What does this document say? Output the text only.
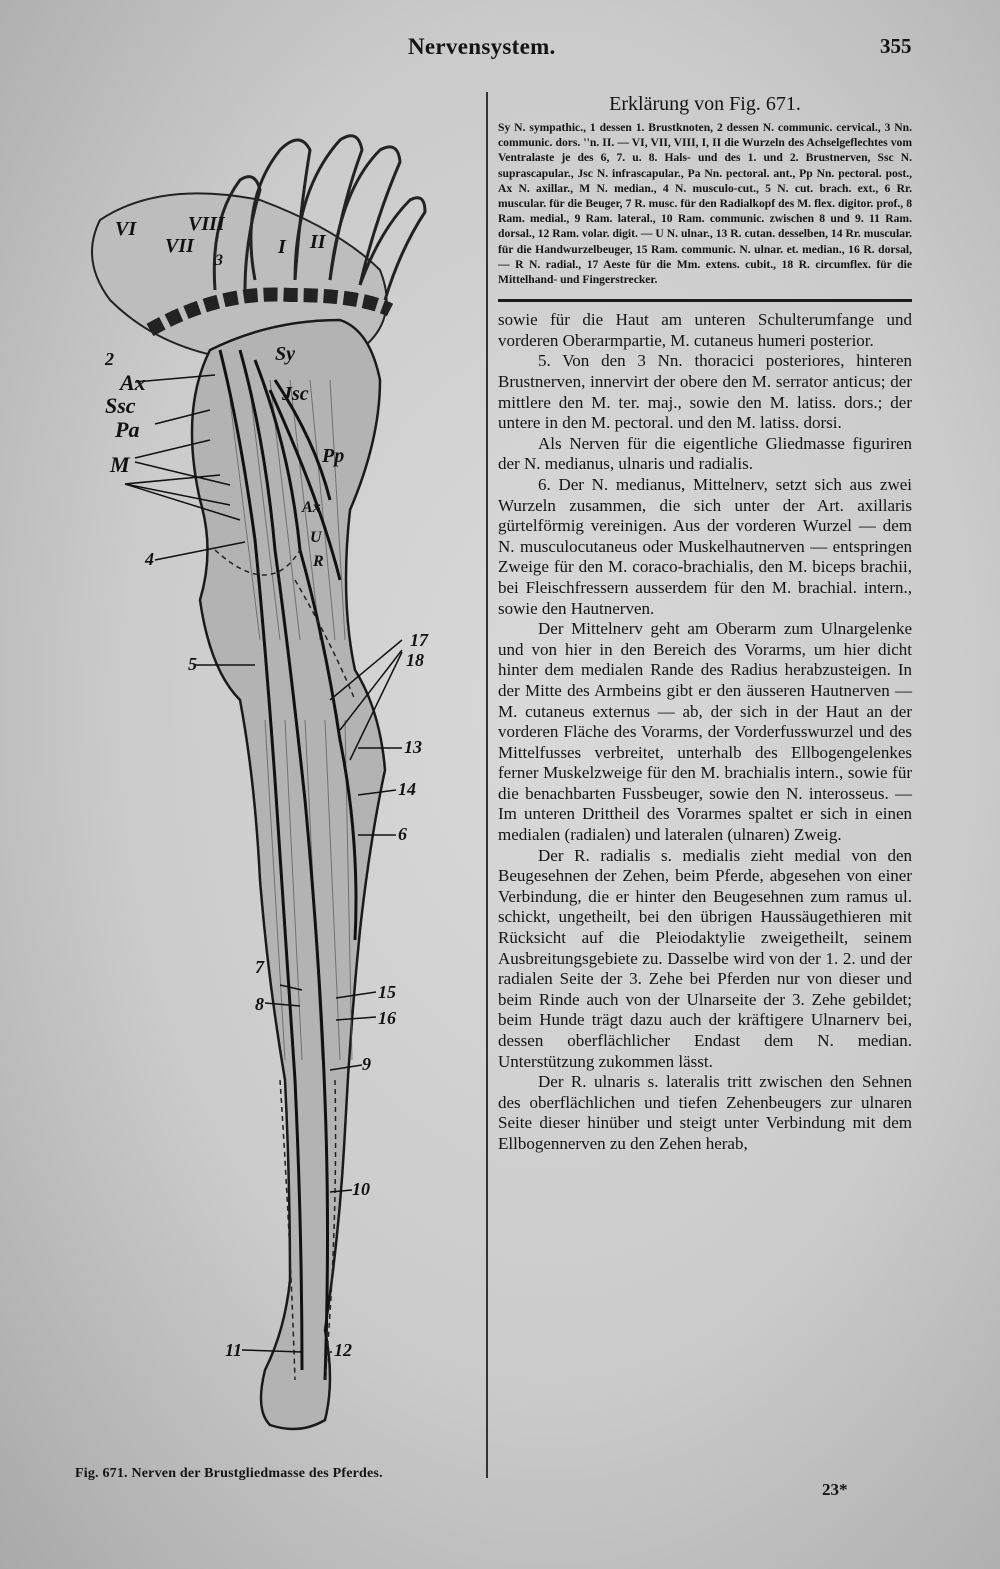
Nervensystem.	355
VI	VIII
VII
3
I II
2	Sy
Ax
Ssc	Jsc
Pa
M	Pp
Ax
U
R
4
17
5	18
13
14
6
7
15
8
16
9
10
11	12
Fig. 671. Nerven der Brustgliedmasse des Pferdes.
Erklärung von Fig. 671.

Sy N. sympathic., 1 dessen 1. Brustknoten, 2 dessen N. communic. cervical., 3 Nn. communic. dors. ''n. II. — VI, VII, VIII, I, II die Wurzeln des Achselgeflechtes vom Ventralaste je des 6, 7. u. 8. Hals- und des 1. und 2. Brustnerven, Ssc N. suprascapular., Jsc N. infrascapular., Pa Nn. pectoral. ant., Pp Nn. pectoral. post., Ax N. axillar., M N. median., 4 N. musculo-cut., 5 N. cut. brach. ext., 6 Rr. muscular. für die Beuger, 7 R. musc. für den Radialkopf des M. flex. digitor. prof., 8 Ram. medial., 9 Ram. lateral., 10 Ram. communic. zwischen 8 und 9. 11 Ram. dorsal., 12 Ram. volar. digit. — U N. ulnar., 13 R. cutan. desselben, 14 Rr. muscular. für die Handwurzelbeuger, 15 Ram. communic. N. ulnar. et. median., 16 R. dorsal, — R N. radial., 17 Aeste für die Mm. extens. cubit., 18 R. circumflex. für die Mittelhand- und Fingerstrecker.

sowie für die Haut am unteren Schulterumfange und vorderen Oberarmpartie, M. cutaneus humeri posterior.

5. Von den 3 Nn. thoracici posteriores, hinteren Brustnerven, innervirt der obere den M. serrator anticus; der mittlere den M. ter. maj., sowie den M. latiss. dors.; der untere in den M. pectoral. und den M. latiss. dorsi.

Als Nerven für die eigentliche Gliedmasse figuriren der N. medianus, ulnaris und radialis.

6. Der N. medianus, Mittelnerv, setzt sich aus zwei Wurzeln zusammen, die sich unter der Art. axillaris gürtelförmig vereinigen. Aus der vorderen Wurzel — dem N. musculocutaneus oder Muskelhautnerven — entspringen Zweige für den M. coraco-brachialis, den M. biceps brachii, bei Fleischfressern ausserdem für den M. brachial. intern., sowie den Hautnerven.

Der Mittelnerv geht am Oberarm zum Ulnargelenke und von hier in den Bereich des Vorarms, um hier dicht hinter dem medialen Rande des Radius herabzusteigen. In der Mitte des Armbeins gibt er den äusseren Hautnerven — M. cutaneus externus — ab, der sich in der Haut an der vorderen Fläche des Vorarms, der Vorderfusswurzel und des Mittelfusses verbreitet, unterhalb des Ellbogengelenkes ferner Muskelzweige für den M. brachialis intern., sowie für die benachbarten Fussbeuger, sowie den N. interosseus. — Im unteren Drittheil des Vorarmes spaltet er sich in einen medialen (radialen) und lateralen (ulnaren) Zweig.

Der R. radialis s. medialis zieht medial von den Beugesehnen der Zehen, beim Pferde, abgesehen von einer Verbindung, die er hinter den Beugesehnen zum ramus ul. schickt, ungetheilt, bei den übrigen Haussäugethieren mit Rücksicht auf die Pleiodaktylie zweigetheilt, seinem Ausbreitungsgebiete zu. Dasselbe wird von der 1. 2. und der radialen Seite der 3. Zehe bei Pferden nur von dieser und beim Rinde auch von der Ulnarseite der 3. Zehe gebildet; beim Hunde trägt dazu auch der kräftigere Ulnarnerv bei, dessen oberflächlicher Endast dem N. median. Unterstützung zukommen lässt.

Der R. ulnaris s. lateralis tritt zwischen den Sehnen des oberflächlichen und tiefen Zehenbeugers zur ulnaren Seite dieser hinüber und steigt unter Verbindung mit dem Ellbogennerven zu den Zehen herab,

23*
